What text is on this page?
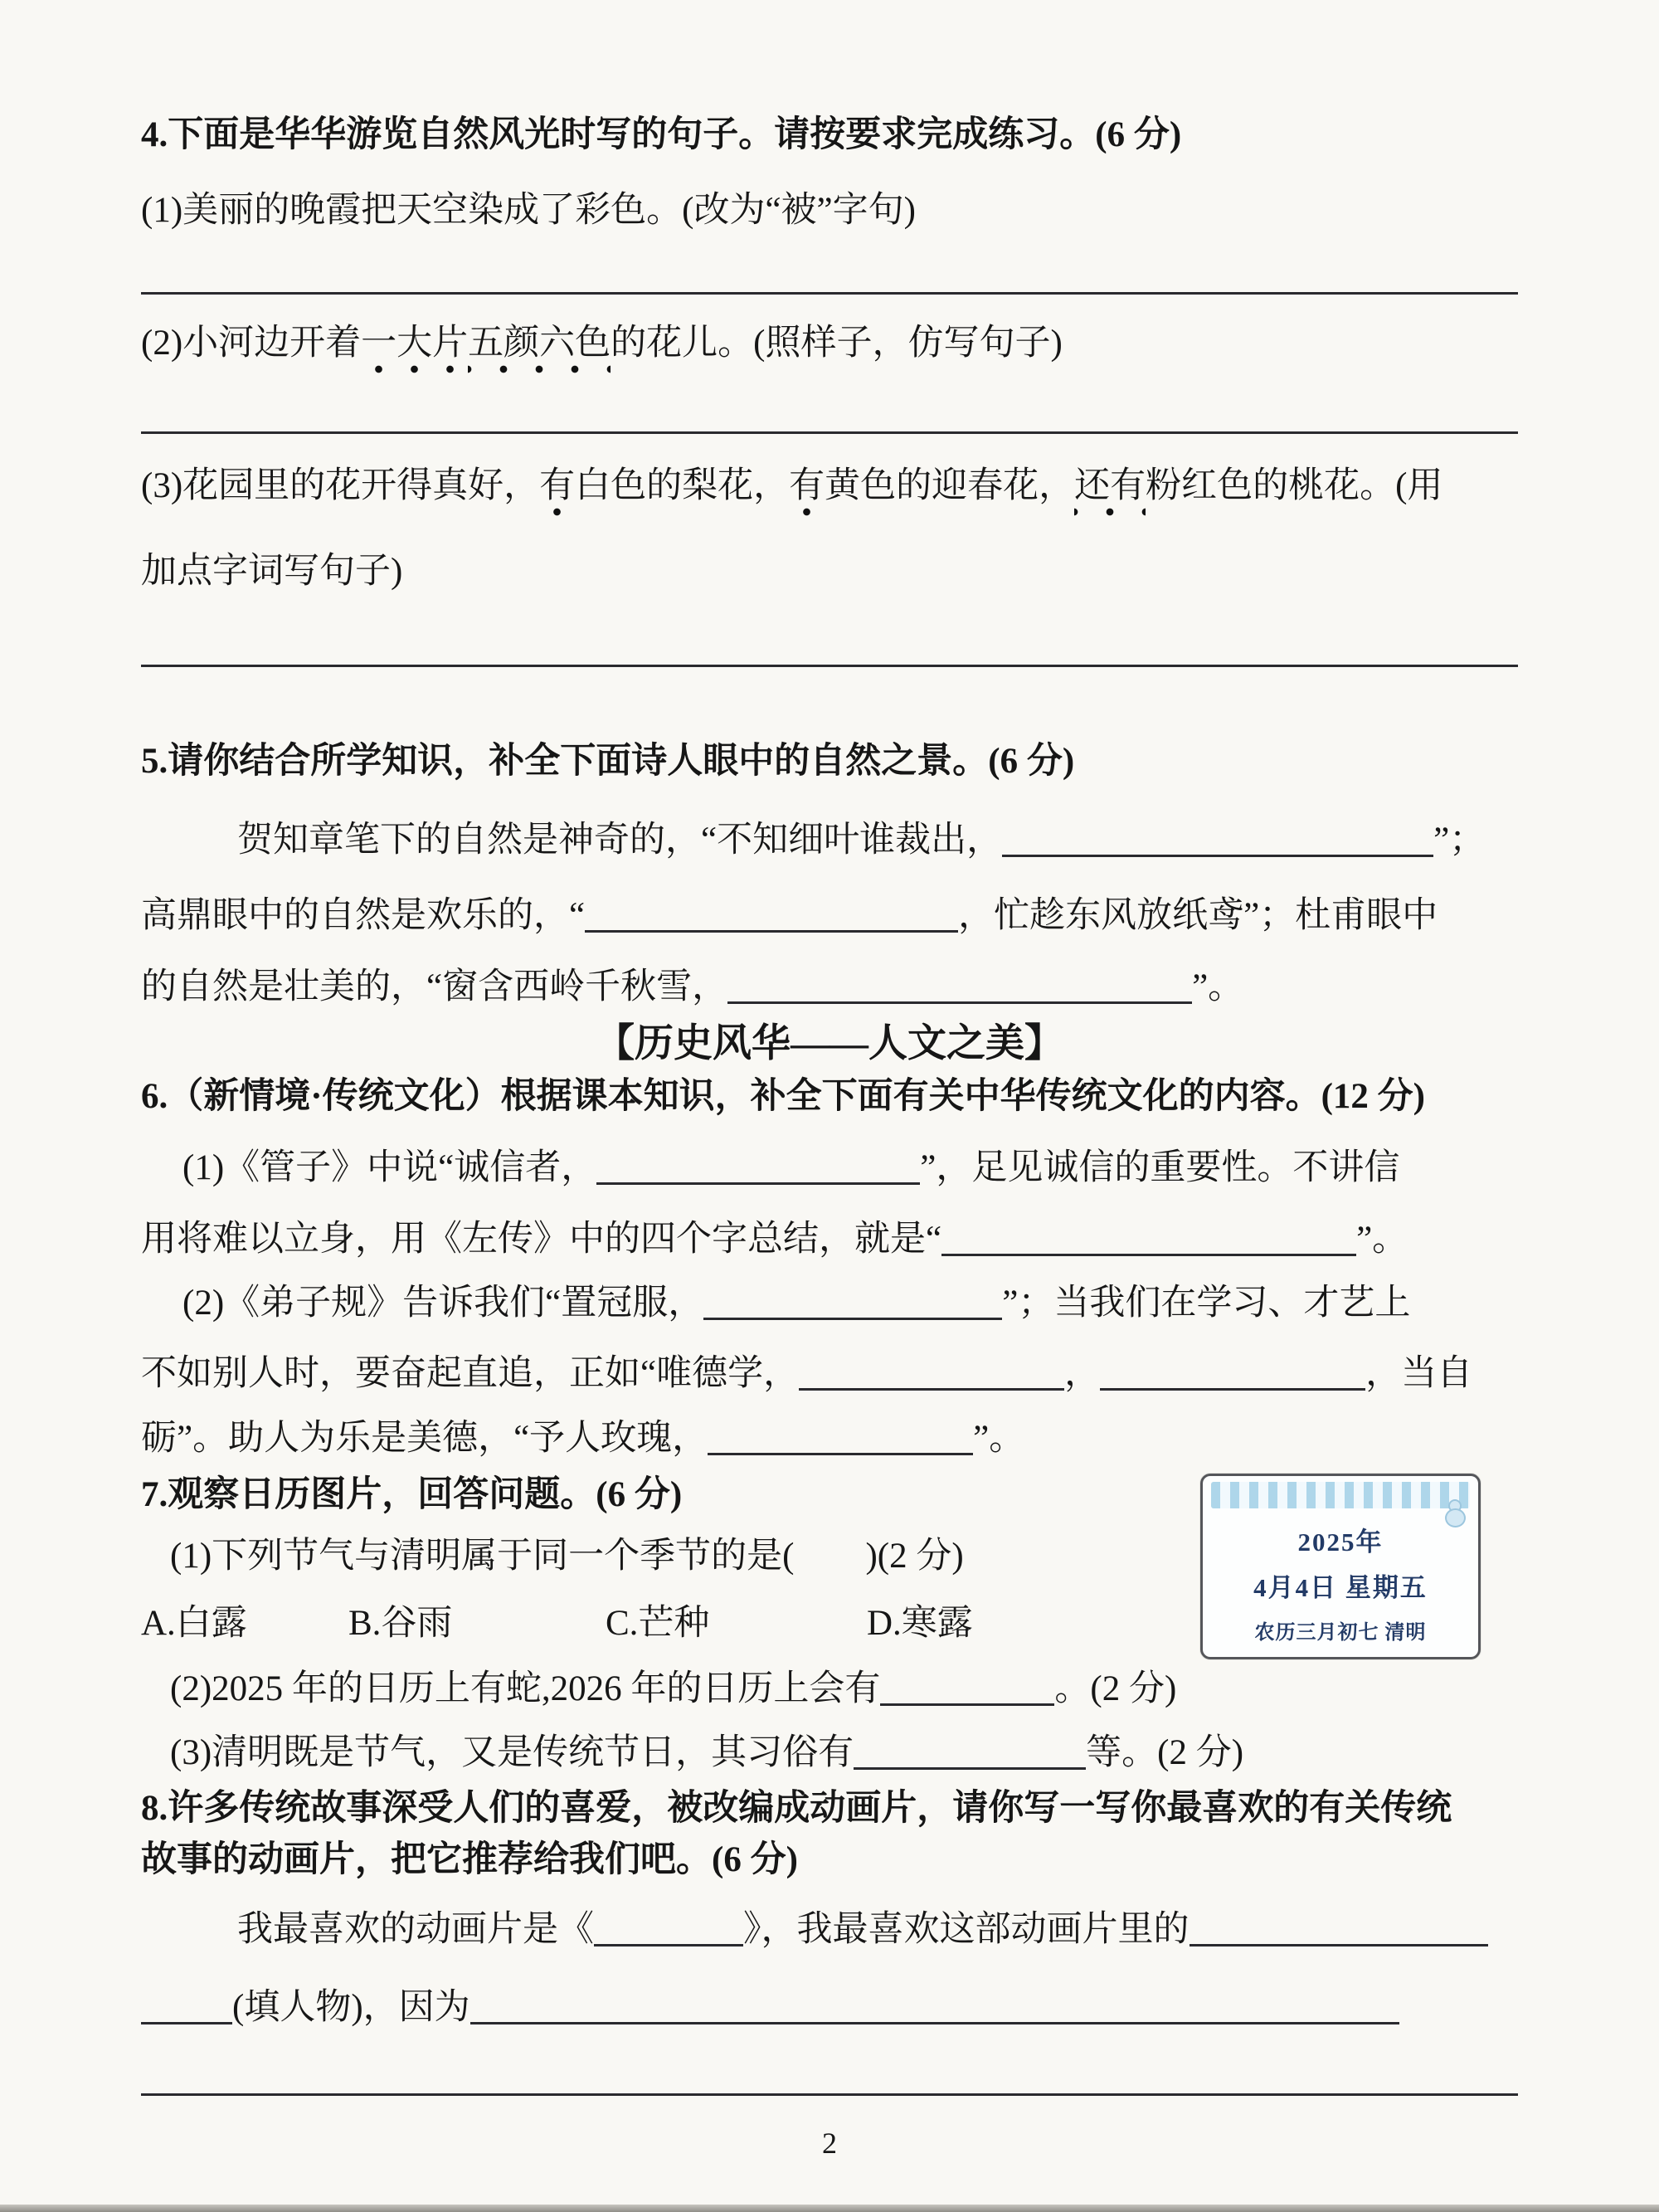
4.下面是华华游览自然风光时写的句子。请按要求完成练习。(6 分)
(1)美丽的晚霞把天空染成了彩色。(改为“被”字句)
(2)小河边开着一大片五颜六色的花儿。(照样子，仿写句子)
(3)花园里的花开得真好，有白色的梨花，有黄色的迎春花，还有粉红色的桃花。(用
加点字词写句子)
5.请你结合所学知识，补全下面诗人眼中的自然之景。(6 分)
贺知章笔下的自然是神奇的，“不知细叶谁裁出，	”；
高鼎眼中的自然是欢乐的，“	，忙趁东风放纸鸢”；杜甫眼中
的自然是壮美的，“窗含西岭千秋雪，	”。
【历史风华——人文之美】
6.（新情境·传统文化）根据课本知识，补全下面有关中华传统文化的内容。(12 分)
(1)《管子》中说“诚信者，	”，足见诚信的重要性。不讲信
用将难以立身，用《左传》中的四个字总结，就是“	”。
(2)《弟子规》告诉我们“置冠服，	”；当我们在学习、才艺上
不如别人时，要奋起直追，正如“唯德学，	，	，当自
砺”。助人为乐是美德，“予人玫瑰，	”。
7.观察日历图片，回答问题。(6 分)
(1)下列节气与清明属于同一个季节的是(　　)(2 分)
A.白露	B.谷雨	C.芒种	D.寒露
(2)2025 年的日历上有蛇,2026 年的日历上会有	。(2 分)
(3)清明既是节气，又是传统节日，其习俗有	等。(2 分)
8.许多传统故事深受人们的喜爱，被改编成动画片，请你写一写你最喜欢的有关传统
故事的动画片，把它推荐给我们吧。(6 分)
我最喜欢的动画片是《	》，我最喜欢这部动画片里的
(填人物)，因为
2
2025年
4月4日 星期五
农历三月初七 清明
